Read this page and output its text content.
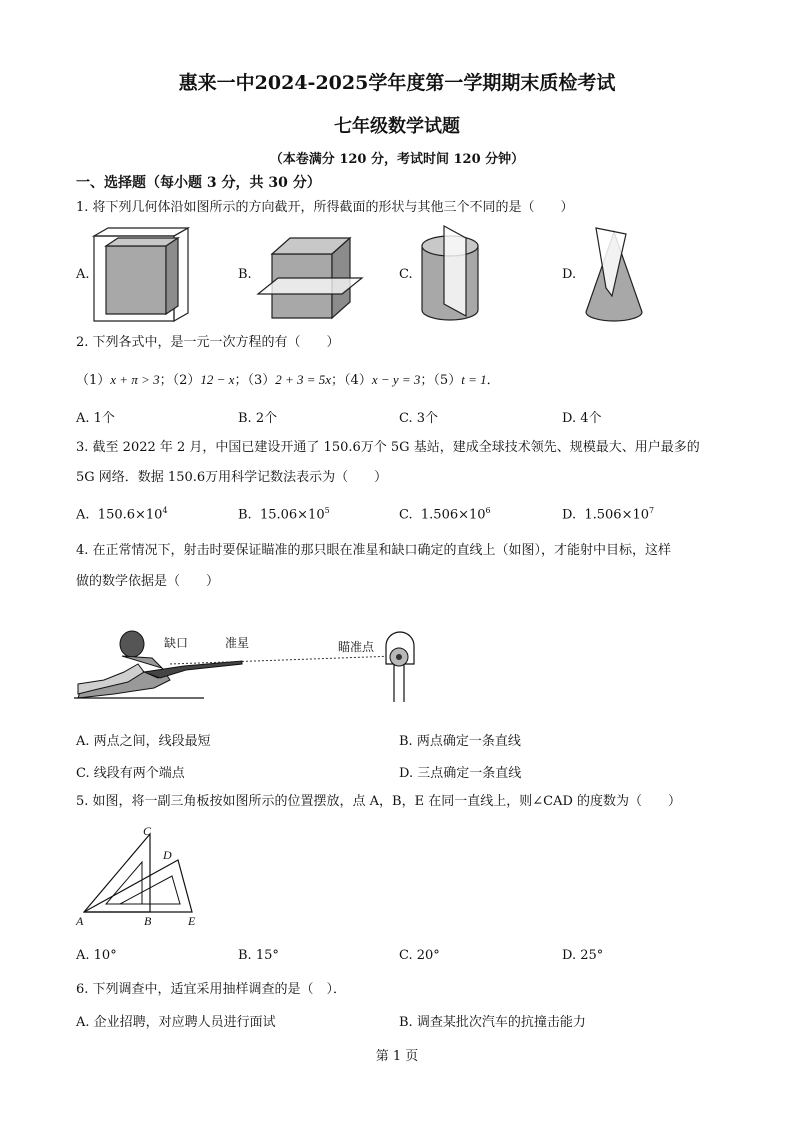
惠来一中2024-2025学年度第一学期期末质检考试
七年级数学试题
（本卷满分 120 分，考试时间 120 分钟）
一、选择题（每小题 3 分，共 30 分）
1. 将下列几何体沿如图所示的方向截开，所得截面的形状与其他三个不同的是（　　）
A.	B.	C.	D.
2. 下列各式中，是一元一次方程的有（　　）
（1）x + π > 3；（2）12 − x；（3）2 + 3 = 5x；（4）x − y = 3；（5）t = 1．
A. 1个	B. 2个	C. 3个	D. 4个
3. 截至 2022 年 2 月，中国已建设开通了 150.6万个 5G 基站，建成全球技术领先、规模最大、用户最多的
5G 网络．数据 150.6万用科学记数法表示为（　　）
A. $150.6\times 10^4$	B. $15.06\times 10^5$	C. $1.506\times 10^6$	D. $1.506\times 10^7$
4. 在正常情况下，射击时要保证瞄准的那只眼在准星和缺口确定的直线上（如图），才能射中目标，这样
做的数学依据是（　　）
缺口	准星	瞄准点
A. 两点之间，线段最短	B. 两点确定一条直线
C. 线段有两个端点	D. 三点确定一条直线
5. 如图，将一副三角板按如图所示的位置摆放，点 A，B，E 在同一直线上，则∠CAD 的度数为（　　）
C
D
A	B	E
A. 10°	B. 15°	C. 20°	D. 25°
6. 下列调查中，适宜采用抽样调查的是（　）．
A. 企业招聘，对应聘人员进行面试	B. 调查某批次汽车的抗撞击能力
第 1 页
